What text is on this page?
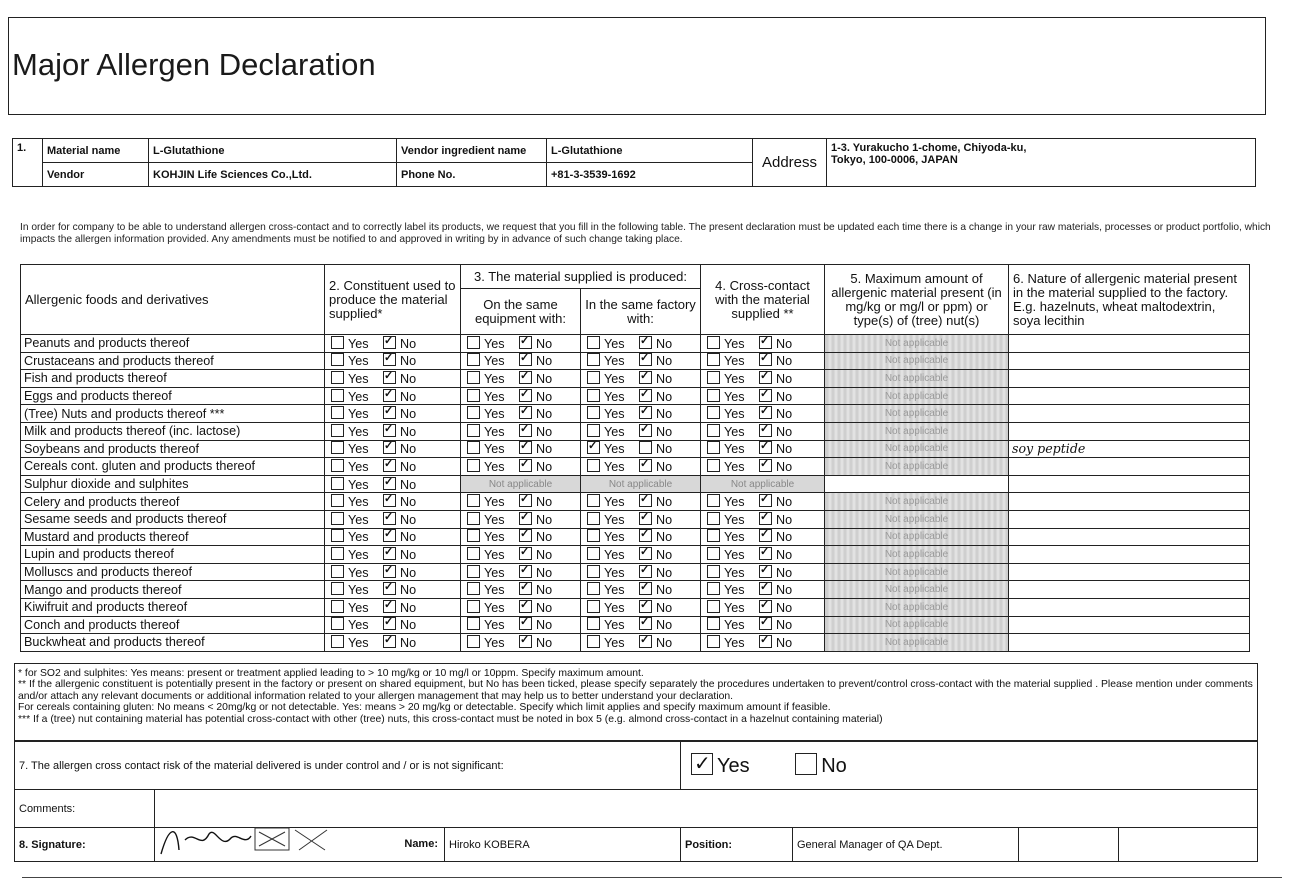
Major Allergen Declaration
1.	Material name	L-Glutathione	Vendor ingredient name	L-Glutathione	Address	1-3. Yurakucho 1-chome, Chiyoda-ku,
Tokyo, 100-0006, JAPAN

	Vendor	KOHJIN Life Sciences Co.,Ltd.	Phone No.	+81-3-3539-1692		
In order for company to be able to understand allergen cross-contact and to correctly label its products, we request that you fill in the following table. The present declaration must be updated each time there is a change in your raw materials, processes or product portfolio, which impacts the allergen information provided. Any amendments must be notified to and approved in writing by in advance of such change taking place.
Allergenic foods and derivatives	2. Constituent used to produce the material supplied*	3. The material supplied is produced:		4. Cross-contact with the material supplied **	5. Maximum amount of allergenic material present (in mg/kg or mg/l or ppm) or type(s) of (tree) nut(s)	6. Nature of allergenic material present in the material supplied to the factory. E.g. hazelnuts, wheat maltodextrin, soya lecithin
		On the same equipment with:	In the same factory with:			
Peanuts and products thereof	Yes ✓ No	Yes ✓ No	Yes ✓ No	Yes ✓ No	Not applicable	
Crustaceans and products thereof	Yes ✓ No	Yes ✓ No	Yes ✓ No	Yes ✓ No	Not applicable	
Fish and products thereof	Yes ✓ No	Yes ✓ No	Yes ✓ No	Yes ✓ No	Not applicable	
Eggs and products thereof	Yes ✓ No	Yes ✓ No	Yes ✓ No	Yes ✓ No	Not applicable	
(Tree) Nuts and products thereof ***	Yes ✓ No	Yes ✓ No	Yes ✓ No	Yes ✓ No	Not applicable	
Milk and products thereof (inc. lactose)	Yes ✓ No	Yes ✓ No	Yes ✓ No	Yes ✓ No	Not applicable	
Soybeans and products thereof	Yes ✓ No	Yes ✓ No	✓Yes No	Yes ✓ No	Not applicable	soy peptide
Cereals cont. gluten and products thereof	Yes ✓ No	Yes ✓ No	Yes ✓ No	Yes ✓ No	Not applicable	
Sulphur dioxide and sulphites	Yes ✓ No	Not applicable	Not applicable	Not applicable		
Celery and products thereof	Yes ✓ No	Yes ✓ No	Yes ✓ No	Yes ✓ No	Not applicable	
Sesame seeds and products thereof	Yes ✓ No	Yes ✓ No	Yes ✓ No	Yes ✓ No	Not applicable	
Mustard and products thereof	Yes ✓ No	Yes ✓ No	Yes ✓ No	Yes ✓ No	Not applicable	
Lupin and products thereof	Yes ✓ No	Yes ✓ No	Yes ✓ No	Yes ✓ No	Not applicable	
Molluscs and products thereof	Yes ✓ No	Yes ✓ No	Yes ✓ No	Yes ✓ No	Not applicable	
Mango and products thereof	Yes ✓ No	Yes ✓ No	Yes ✓ No	Yes ✓ No	Not applicable	
Kiwifruit and products thereof	Yes ✓ No	Yes ✓ No	Yes ✓ No	Yes ✓ No	Not applicable	
Conch and products thereof	Yes ✓ No	Yes ✓ No	Yes ✓ No	Yes ✓ No	Not applicable	
Buckwheat and products thereof	Yes ✓ No	Yes ✓ No	Yes ✓ No	Yes ✓ No	Not applicable	
* for SO2 and sulphites: Yes means: present or treatment applied leading to > 10 mg/kg or 10 mg/l or 10ppm. Specify maximum amount.
** If the allergenic constituent is potentially present in the factory or present on shared equipment, but No has been ticked, please specify separately the procedures undertaken to prevent/control cross-contact with the material supplied . Please mention under comments and/or attach any relevant documents or additional information related to your allergen management that may help us to better understand your declaration.
For cereals containing gluten: No means < 20mg/kg or not detectable. Yes: means > 20 mg/kg or detectable. Specify which limit applies and specify maximum amount if feasible.
*** If a (tree) nut containing material has potential cross-contact with other (tree) nuts, this cross-contact must be noted in box 5 (e.g. almond cross-contact in a hazelnut containing material)
7. The allergen cross contact risk of the material delivered is under control and / or is not significant:	✓Yes No
Comments:						
8. Signature:	Name:	Hiroko KOBERA	Position:	General Manager of QA Dept.		
